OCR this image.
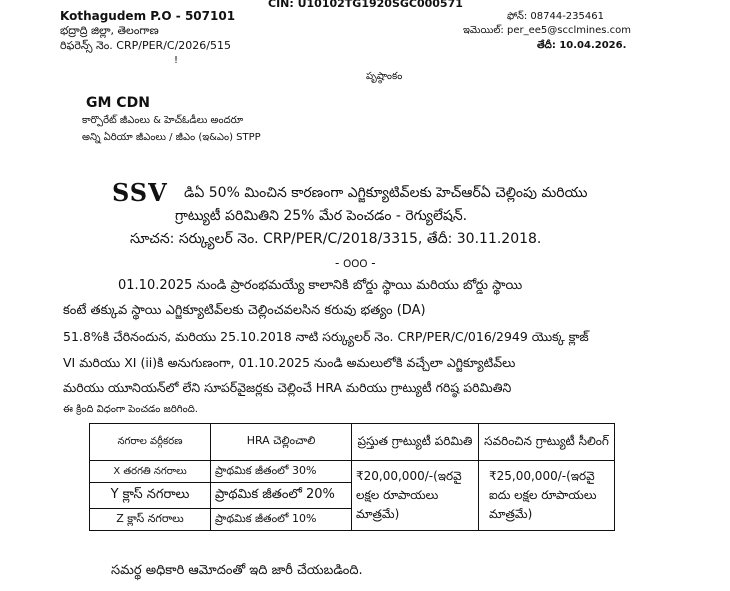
CIN: U10102TG1920SGC000571
Kothagudem P.O - 507101	ఫోన్: 08744-235461
భద్రాద్రి జిల్లా, తెలంగాణ	ఇమెయిల్: per_ee5@scclmines.com
రిఫరెన్స్ నెం. CRP/PER/C/2026/515	తేదీ: 10.04.2026.
!
పృష్ఠాంకం
GM CDN
కార్పొరేట్ జీఎంలు & హెచ్ఓడీలు అందరూ
అన్ని ఏరియా జీఎంలు / జీఎం (ఇ&ఎం) STPP
SSV డిఏ 50% మించిన కారణంగా ఎగ్జిక్యూటివ్‌లకు హెచ్‌ఆర్‌ఏ చెల్లింపు మరియు
గ్రాట్యుటీ పరిమితిని 25% మేర పెంచడం - రెగ్యులేషన్.
సూచన: సర్క్యులర్ నెం. CRP/PER/C/2018/3315, తేదీ: 30.11.2018.
- ౦౦౦ -
01.10.2025 నుండి ప్రారంభమయ్యే కాలానికి బోర్డు స్థాయి మరియు బోర్డు స్థాయి
కంటే తక్కువ స్థాయి ఎగ్జిక్యూటివ్‌లకు చెల్లించవలసిన కరువు భత్యం (DA)
51.8%కి చేరినందున, మరియు 25.10.2018 నాటి సర్క్యులర్ నెం. CRP/PER/C/016/2949 యొక్క క్లాజ్
VI మరియు XI (ii)కి అనుగుణంగా, 01.10.2025 నుండి అమలులోకి వచ్చేలా ఎగ్జిక్యూటివ్‌లు
మరియు యూనియన్‌లో లేని సూపర్‌వైజర్లకు చెల్లించే HRA మరియు గ్రాట్యుటీ గరిష్ఠ పరిమితిని
ఈ క్రింది విధంగా పెంచడం జరిగింది.
నగరాల వర్గీకరణ	HRA చెల్లించాలి	ప్రస్తుత గ్రాట్యుటీ పరిమితి	సవరించిన గ్రాట్యుటీ సీలింగ్
X తరగతి నగరాలు	ప్రాథమిక జీతంలో 30%	₹20,00,000/-(ఇరవై లక్షల రూపాయలు మాత్రమే)	₹25,00,000/-(ఇరవై ఐదు లక్షల రూపాయలు మాత్రమే)
Y క్లాస్ నగరాలు	ప్రాథమిక జీతంలో 20%		
Z క్లాస్ నగరాలు	ప్రాథమిక జీతంలో 10%		
సమర్థ అధికారి ఆమోదంతో ఇది జారీ చేయబడింది.
